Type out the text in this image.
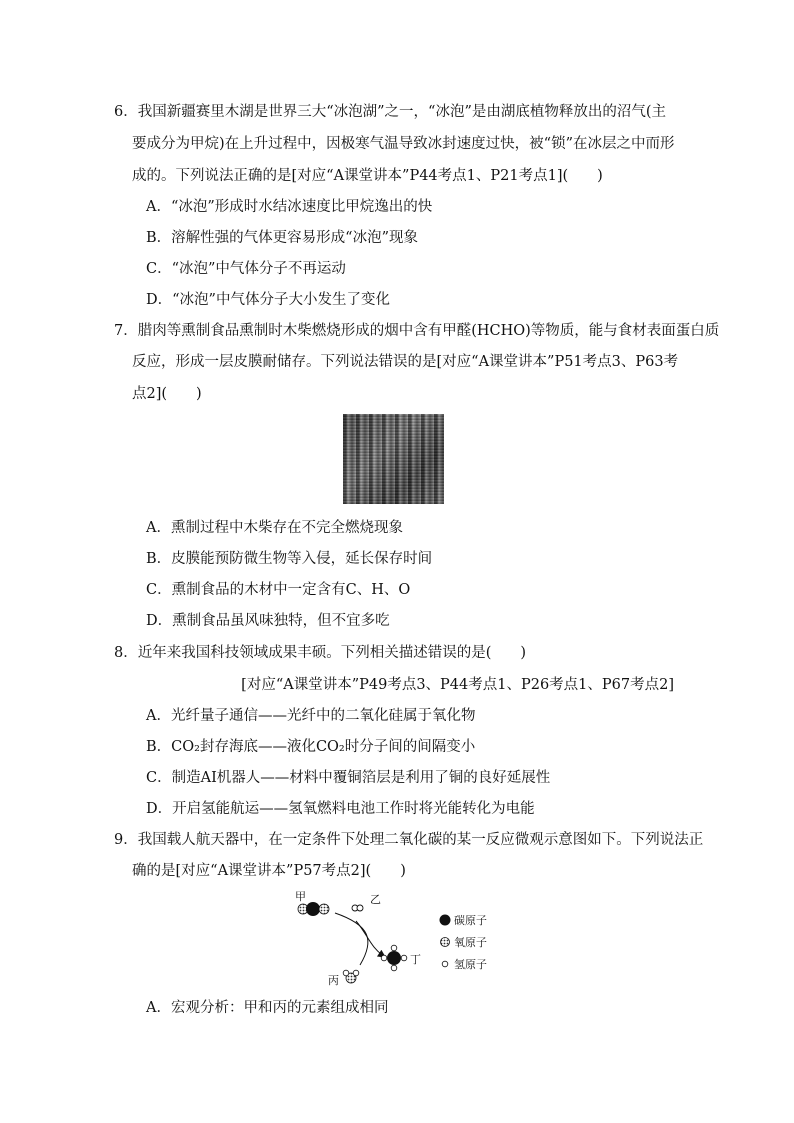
6．我国新疆赛里木湖是世界三大“冰泡湖”之一，“冰泡”是由湖底植物释放出的沼气(主
要成分为甲烷)在上升过程中，因极寒气温导致冰封速度过快，被“锁”在冰层之中而形
成的。下列说法正确的是[对应“A课堂讲本”P44考点1、P21考点1](　　)
A．“冰泡”形成时水结冰速度比甲烷逸出的快
B．溶解性强的气体更容易形成“冰泡”现象
C．“冰泡”中气体分子不再运动
D．“冰泡”中气体分子大小发生了变化
7．腊肉等熏制食品熏制时木柴燃烧形成的烟中含有甲醛(HCHO)等物质，能与食材表面蛋白质
反应，形成一层皮膜耐储存。下列说法错误的是[对应“A课堂讲本”P51考点3、P63考
点2](　　)
A．熏制过程中木柴存在不完全燃烧现象
B．皮膜能预防微生物等入侵，延长保存时间
C．熏制食品的木材中一定含有C、H、O
D．熏制食品虽风味独特，但不宜多吃
8．近年来我国科技领域成果丰硕。下列相关描述错误的是(　　)
[对应“A课堂讲本”P49考点3、P44考点1、P26考点1、P67考点2]
A．光纤量子通信——光纤中的二氧化硅属于氧化物
B．CO₂封存海底——液化CO₂时分子间的间隔变小
C．制造AI机器人——材料中覆铜箔层是利用了铜的良好延展性
D．开启氢能航运——氢氧燃料电池工作时将光能转化为电能
9．我国载人航天器中，在一定条件下处理二氧化碳的某一反应微观示意图如下。下列说法正
确的是[对应“A课堂讲本”P57考点2](　　)
甲	乙
丙
丁
碳原子
氧原子
氢原子
A．宏观分析：甲和丙的元素组成相同
